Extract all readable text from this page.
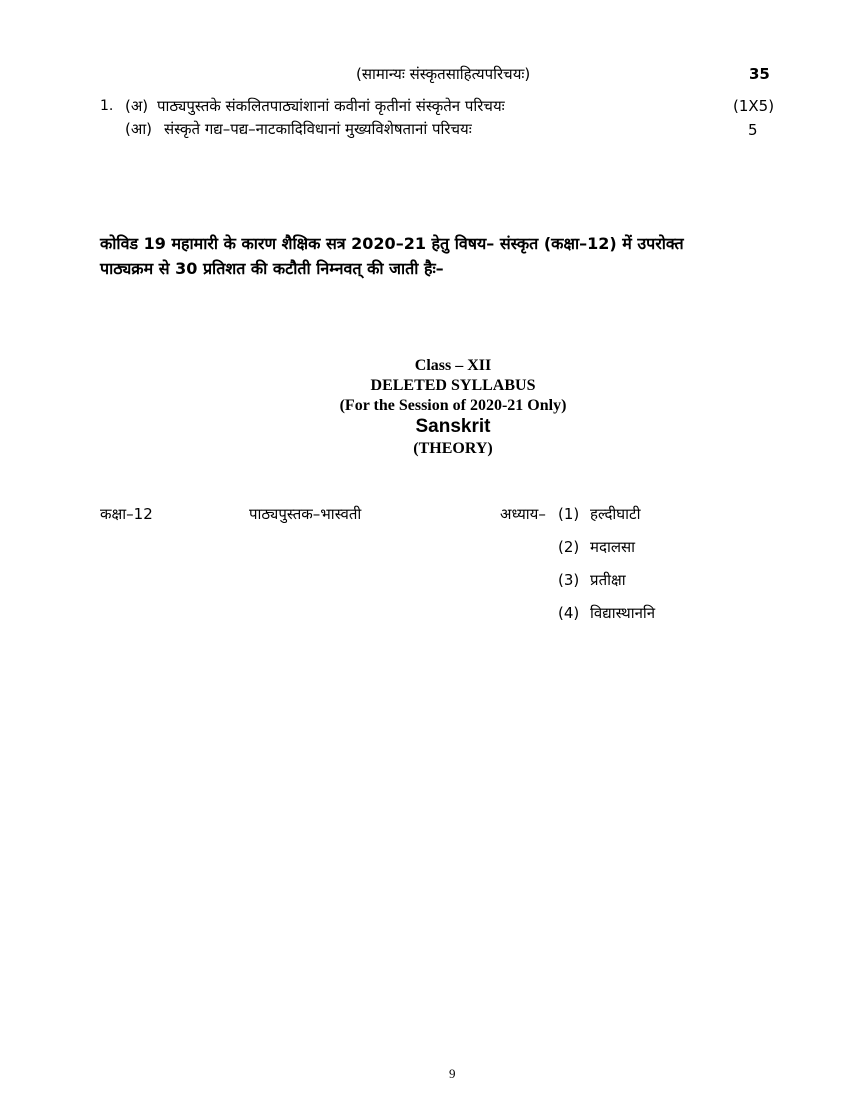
(सामान्यः संस्कृतसाहित्यपरिचयः)	35
1. (अ) पाठ्यपुस्तके संकलितपाठ्यांशानां कवीनां कृतीनां संस्कृतेन परिचयः	(1X5)
(आ) संस्कृते गद्य–पद्य–नाटकादिविधानां मुख्यविशेषतानां परिचयः	5
कोविड 19 महामारी के कारण शैक्षिक सत्र 2020–21 हेतु विषय– संस्कृत (कक्षा–12) में उपरोक्त
पाठ्यक्रम से 30 प्रतिशत की कटौती निम्नवत् की जाती हैः–
Class – XII
DELETED SYLLABUS
(For the Session of 2020-21 Only)
Sanskrit
(THEORY)
कक्षा–12	पाठ्यपुस्तक–भास्वती	अध्याय– (1) हल्दीघाटी
(2) मदालसा
(3) प्रतीक्षा
(4) विद्यास्थाननि
9
